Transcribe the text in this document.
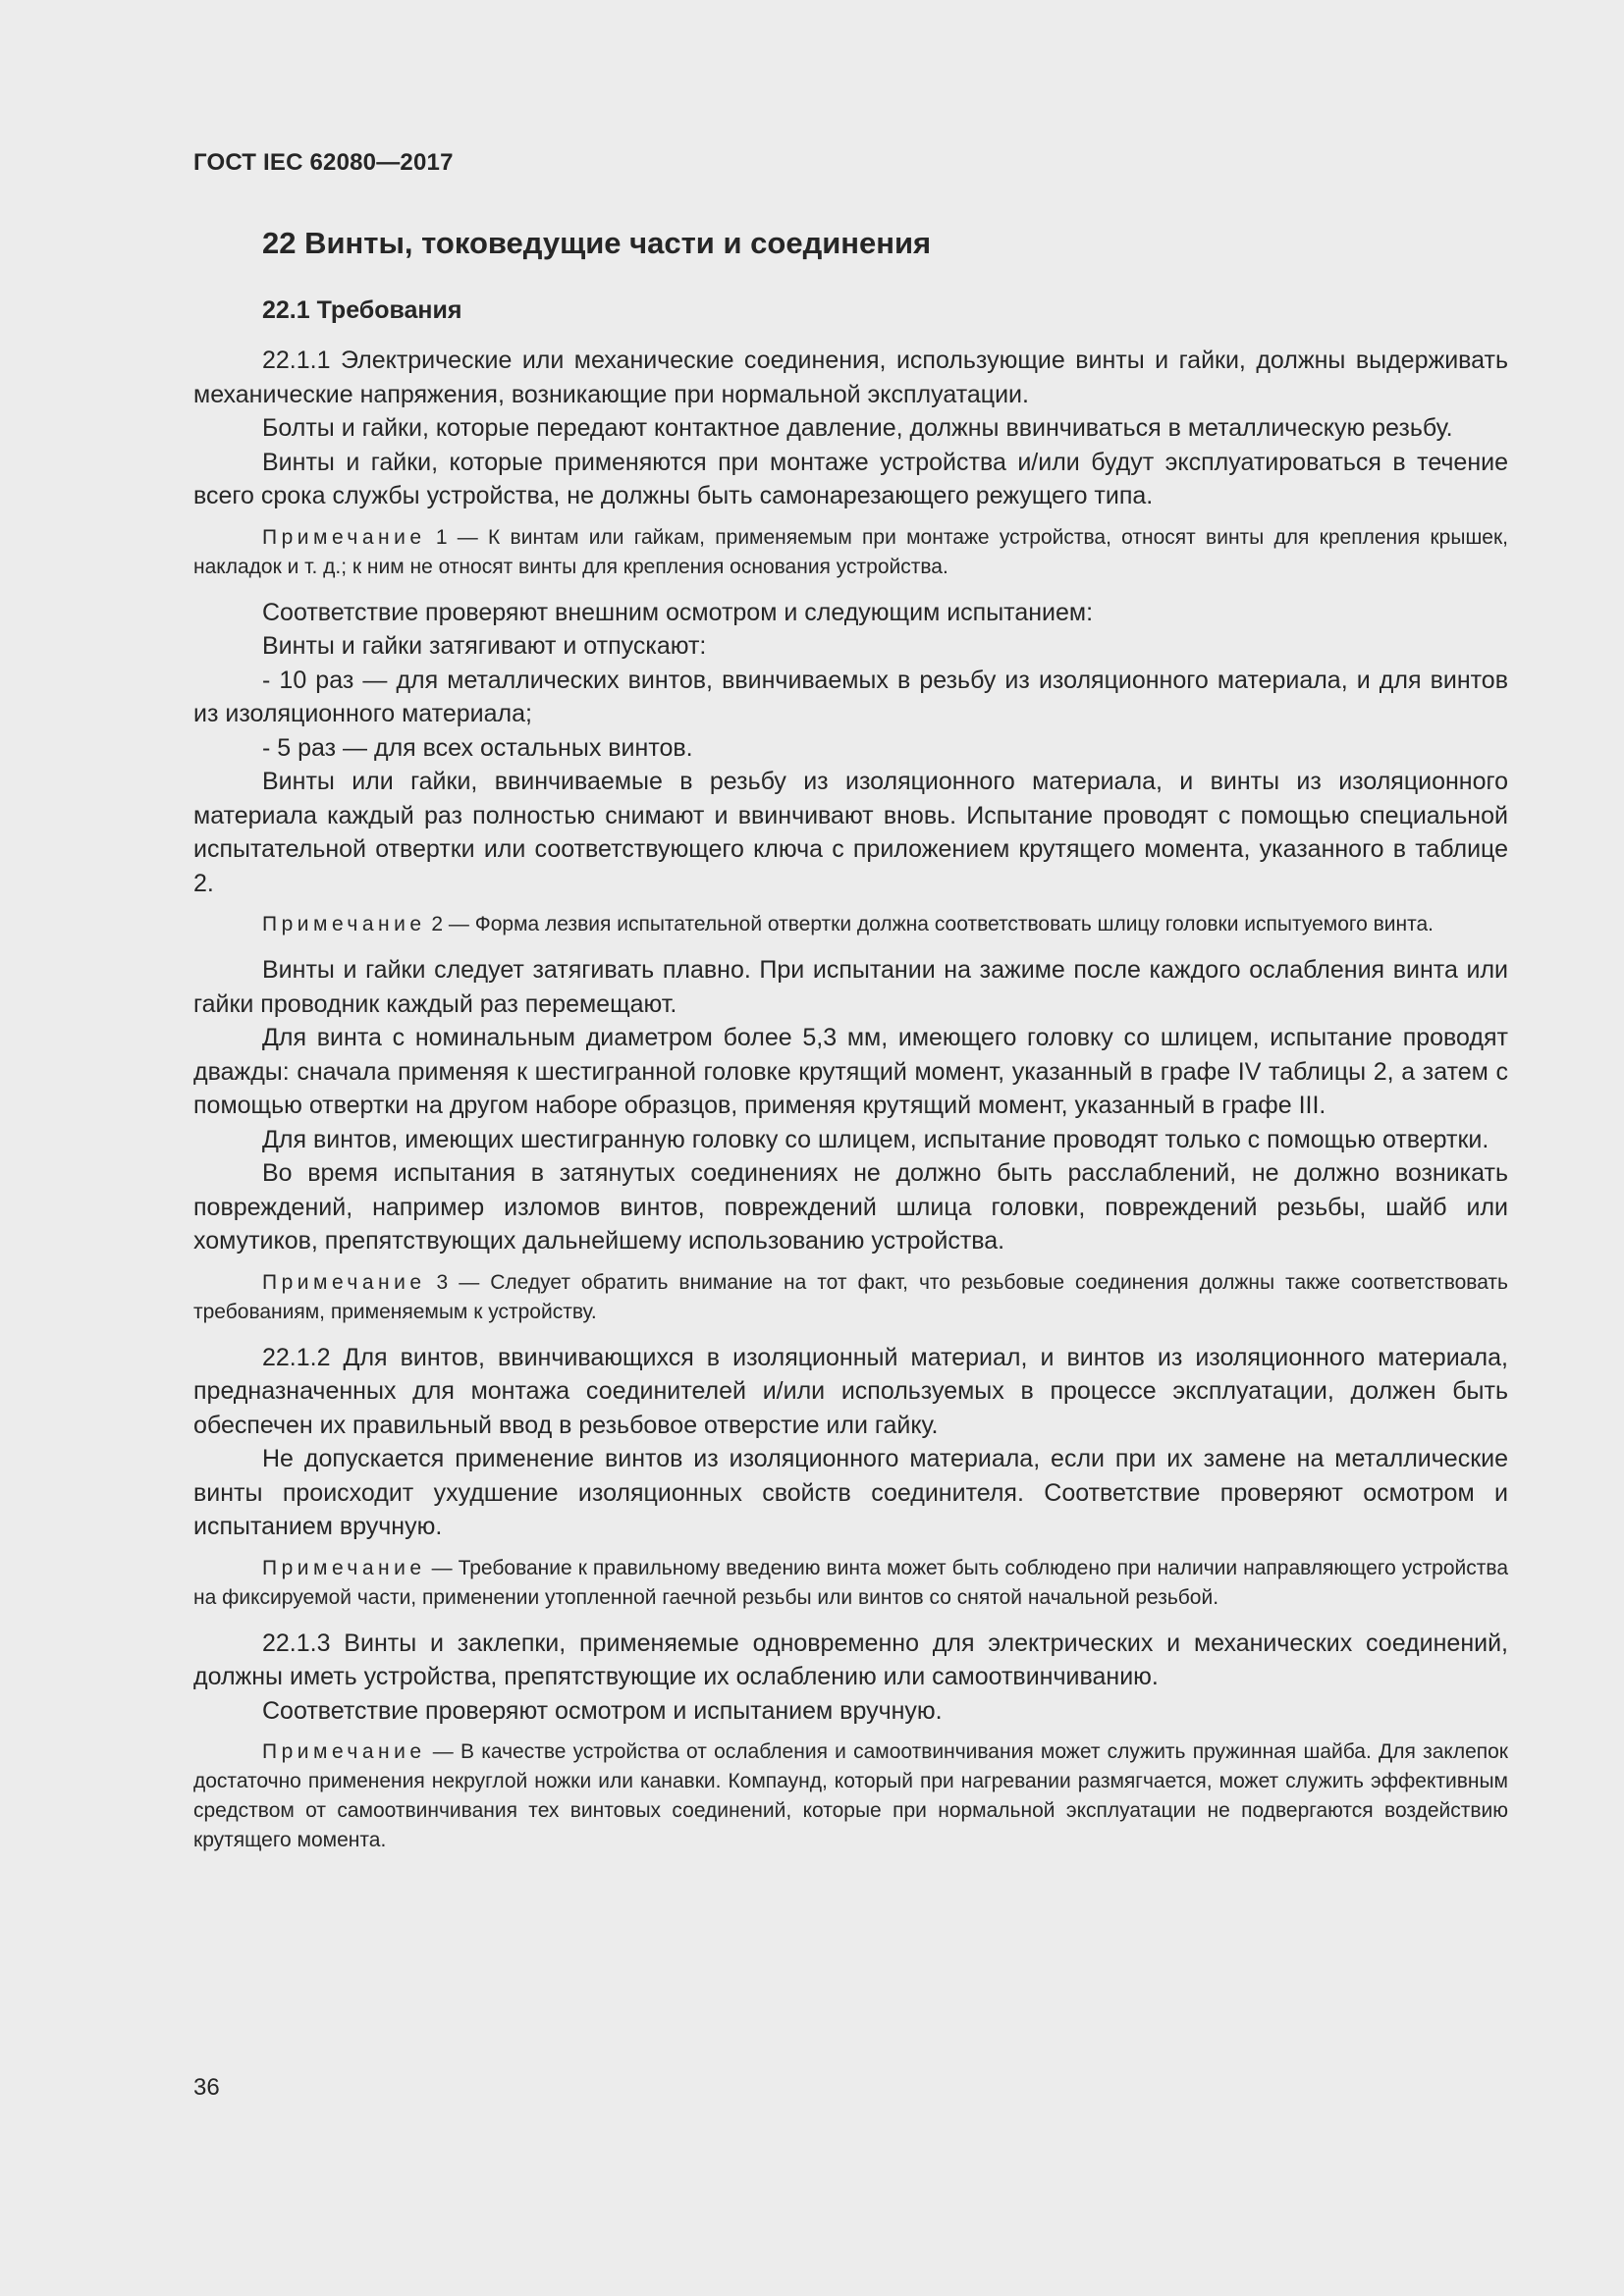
ГОСТ IEC 62080—2017

22 Винты, токоведущие части и соединения
22.1 Требования

22.1.1 Электрические или механические соединения, использующие винты и гайки, должны выдерживать механические напряжения, возникающие при нормальной эксплуатации.

Болты и гайки, которые передают контактное давление, должны ввинчиваться в металлическую резьбу.

Винты и гайки, которые применяются при монтаже устройства и/или будут эксплуатироваться в течение всего срока службы устройства, не должны быть самонарезающего режущего типа.

Примечание 1 — К винтам или гайкам, применяемым при монтаже устройства, относят винты для крепления крышек, накладок и т. д.; к ним не относят винты для крепления основания устройства.

Соответствие проверяют внешним осмотром и следующим испытанием:

Винты и гайки затягивают и отпускают:

- 10 раз — для металлических винтов, ввинчиваемых в резьбу из изоляционного материала, и для винтов из изоляционного материала;

- 5 раз — для всех остальных винтов.

Винты или гайки, ввинчиваемые в резьбу из изоляционного материала, и винты из изоляционного материала каждый раз полностью снимают и ввинчивают вновь. Испытание проводят с помощью специальной испытательной отвертки или соответствующего ключа с приложением крутящего момента, указанного в таблице 2.

Примечание 2 — Форма лезвия испытательной отвертки должна соответствовать шлицу головки испытуемого винта.

Винты и гайки следует затягивать плавно. При испытании на зажиме после каждого ослабления винта или гайки проводник каждый раз перемещают.

Для винта с номинальным диаметром более 5,3 мм, имеющего головку со шлицем, испытание проводят дважды: сначала применяя к шестигранной головке крутящий момент, указанный в графе IV таблицы 2, а затем с помощью отвертки на другом наборе образцов, применяя крутящий момент, указанный в графе III.

Для винтов, имеющих шестигранную головку со шлицем, испытание проводят только с помощью отвертки.

Во время испытания в затянутых соединениях не должно быть расслаблений, не должно возникать повреждений, например изломов винтов, повреждений шлица головки, повреждений резьбы, шайб или хомутиков, препятствующих дальнейшему использованию устройства.

Примечание 3 — Следует обратить внимание на тот факт, что резьбовые соединения должны также соответствовать требованиям, применяемым к устройству.

22.1.2 Для винтов, ввинчивающихся в изоляционный материал, и винтов из изоляционного материала, предназначенных для монтажа соединителей и/или используемых в процессе эксплуатации, должен быть обеспечен их правильный ввод в резьбовое отверстие или гайку.

Не допускается применение винтов из изоляционного материала, если при их замене на металлические винты происходит ухудшение изоляционных свойств соединителя. Соответствие проверяют осмотром и испытанием вручную.

Примечание — Требование к правильному введению винта может быть соблюдено при наличии направляющего устройства на фиксируемой части, применении утопленной гаечной резьбы или винтов со снятой начальной резьбой.

22.1.3 Винты и заклепки, применяемые одновременно для электрических и механических соединений, должны иметь устройства, препятствующие их ослаблению или самоотвинчиванию.

Соответствие проверяют осмотром и испытанием вручную.

Примечание — В качестве устройства от ослабления и самоотвинчивания может служить пружинная шайба. Для заклепок достаточно применения некруглой ножки или канавки. Компаунд, который при нагревании размягчается, может служить эффективным средством от самоотвинчивания тех винтовых соединений, которые при нормальной эксплуатации не подвергаются воздействию крутящего момента.

36
